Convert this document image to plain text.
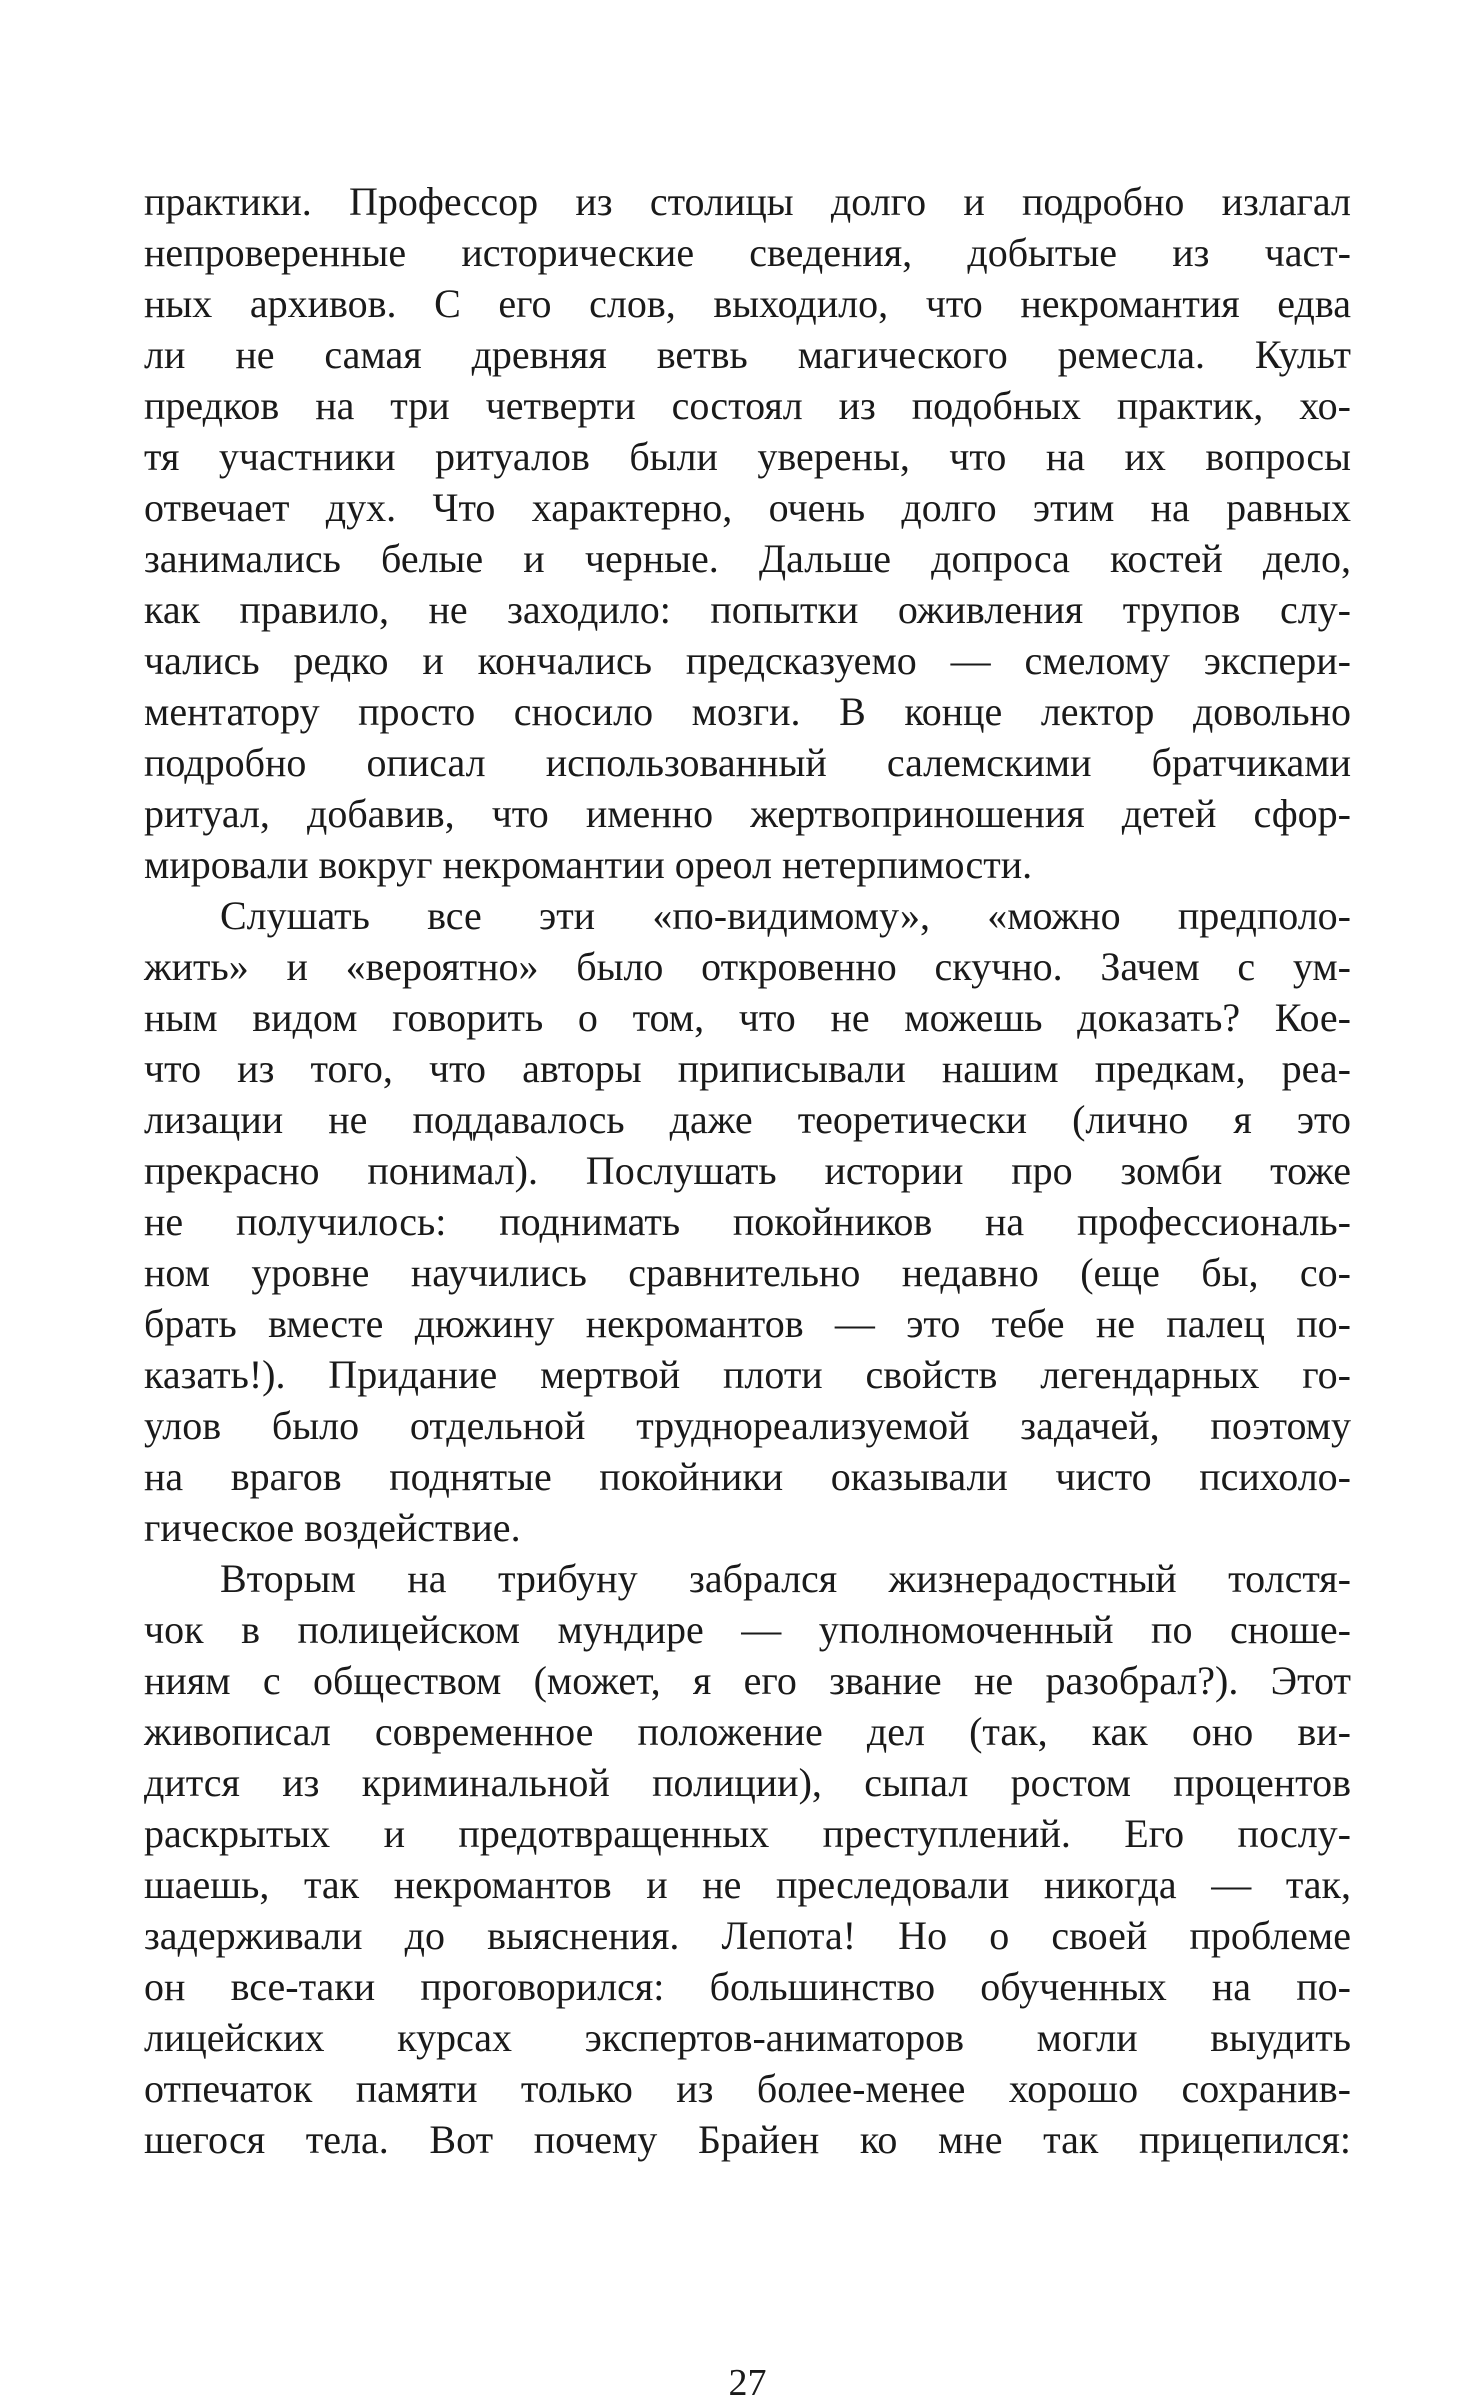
практики. Профессор из столицы долго и подробно излагал
непроверенные исторические сведения, добытые из част-
ных архивов. С его слов, выходило, что некромантия едва
ли не самая древняя ветвь магического ремесла. Культ
предков на три четверти состоял из подобных практик, хо-
тя участники ритуалов были уверены, что на их вопросы
отвечает дух. Что характерно, очень долго этим на равных
занимались белые и черные. Дальше допроса костей дело,
как правило, не заходило: попытки оживления трупов слу-
чались редко и кончались предсказуемо — смелому экспери-
ментатору просто сносило мозги. В конце лектор довольно
подробно описал использованный салемскими братчиками
ритуал, добавив, что именно жертвоприношения детей сфор-
мировали вокруг некромантии ореол нетерпимости.
Слушать все эти «по-видимому», «можно предполо-
жить» и «вероятно» было откровенно скучно. Зачем с ум-
ным видом говорить о том, что не можешь доказать? Кое-
что из того, что авторы приписывали нашим предкам, реа-
лизации не поддавалось даже теоретически (лично я это
прекрасно понимал). Послушать истории про зомби тоже
не получилось: поднимать покойников на профессиональ-
ном уровне научились сравнительно недавно (еще бы, со-
брать вместе дюжину некромантов — это тебе не палец по-
казать!). Придание мертвой плоти свойств легендарных го-
улов было отдельной труднореализуемой задачей, поэтому
на врагов поднятые покойники оказывали чисто психоло-
гическое воздействие.
Вторым на трибуну забрался жизнерадостный толстя-
чок в полицейском мундире — уполномоченный по сноше-
ниям с обществом (может, я его звание не разобрал?). Этот
живописал современное положение дел (так, как оно ви-
дится из криминальной полиции), сыпал ростом процентов
раскрытых и предотвращенных преступлений. Его послу-
шаешь, так некромантов и не преследовали никогда — так,
задерживали до выяснения. Лепота! Но о своей проблеме
он все-таки проговорился: большинство обученных на по-
лицейских курсах экспертов-аниматоров могли выудить
отпечаток памяти только из более-менее хорошо сохранив-
шегося тела. Вот почему Брайен ко мне так прицепился:

27
